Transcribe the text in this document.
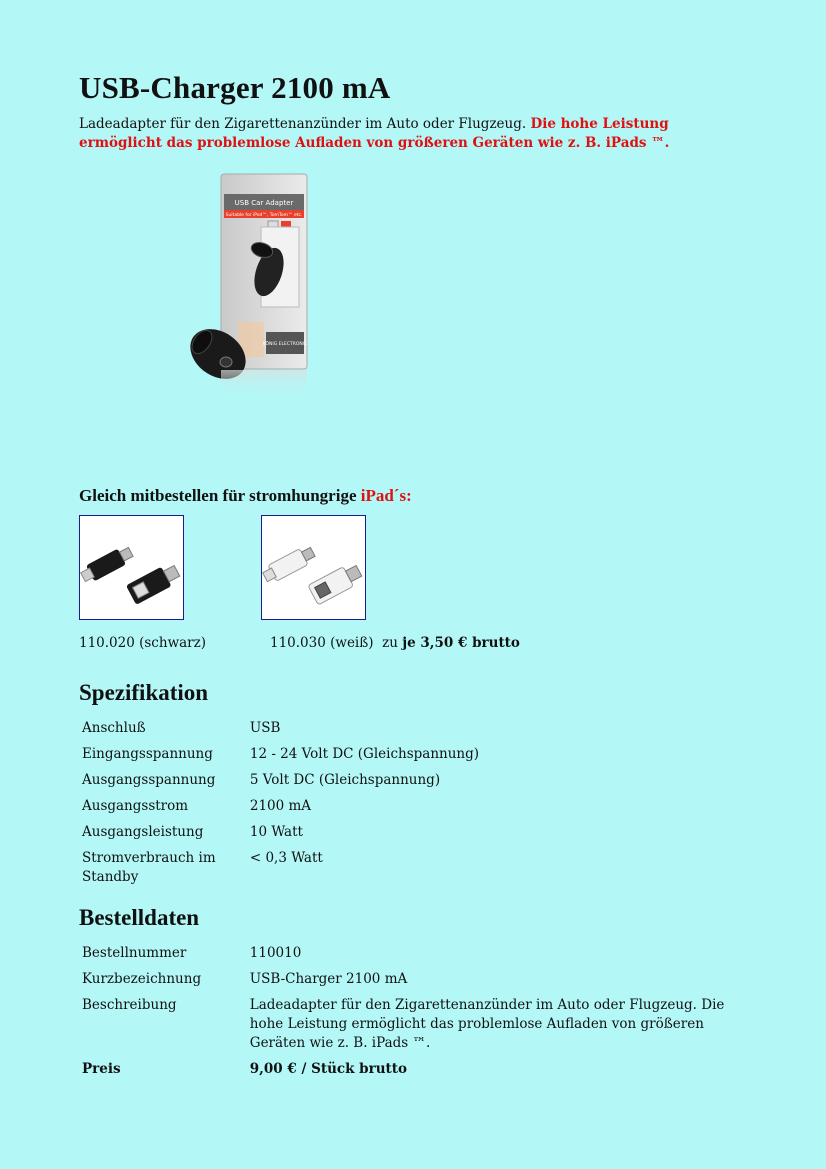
USB-Charger 2100 mA
Ladeadapter für den Zigarettenanzünder im Auto oder Flugzeug. Die hohe Leistung ermöglicht das problemlose Aufladen von größeren Geräten wie z. B. iPads ™.
USB Car Adapter
Suitable for iPod™, TomTom™ etc.
KÖNIG ELECTRONIC
Gleich mitbestellen für stromhungrige iPad´s:
110.020 (schwarz)	110.030 (weiß) zu je 3,50 € brutto
Spezifikation
Anschluß	USB
Eingangsspannung	12 - 24 Volt DC (Gleichspannung)
Ausgangsspannung	5 Volt DC (Gleichspannung)
Ausgangsstrom	2100 mA
Ausgangsleistung	10 Watt
Stromverbrauch im Standby	< 0,3 Watt
Bestelldaten
Bestellnummer	110010
Kurzbezeichnung	USB-Charger 2100 mA
Beschreibung	Ladeadapter für den Zigarettenanzünder im Auto oder Flugzeug. Die hohe Leistung ermöglicht das problemlose Aufladen von größeren Geräten wie z. B. iPads ™.
Preis	9,00 € / Stück brutto
